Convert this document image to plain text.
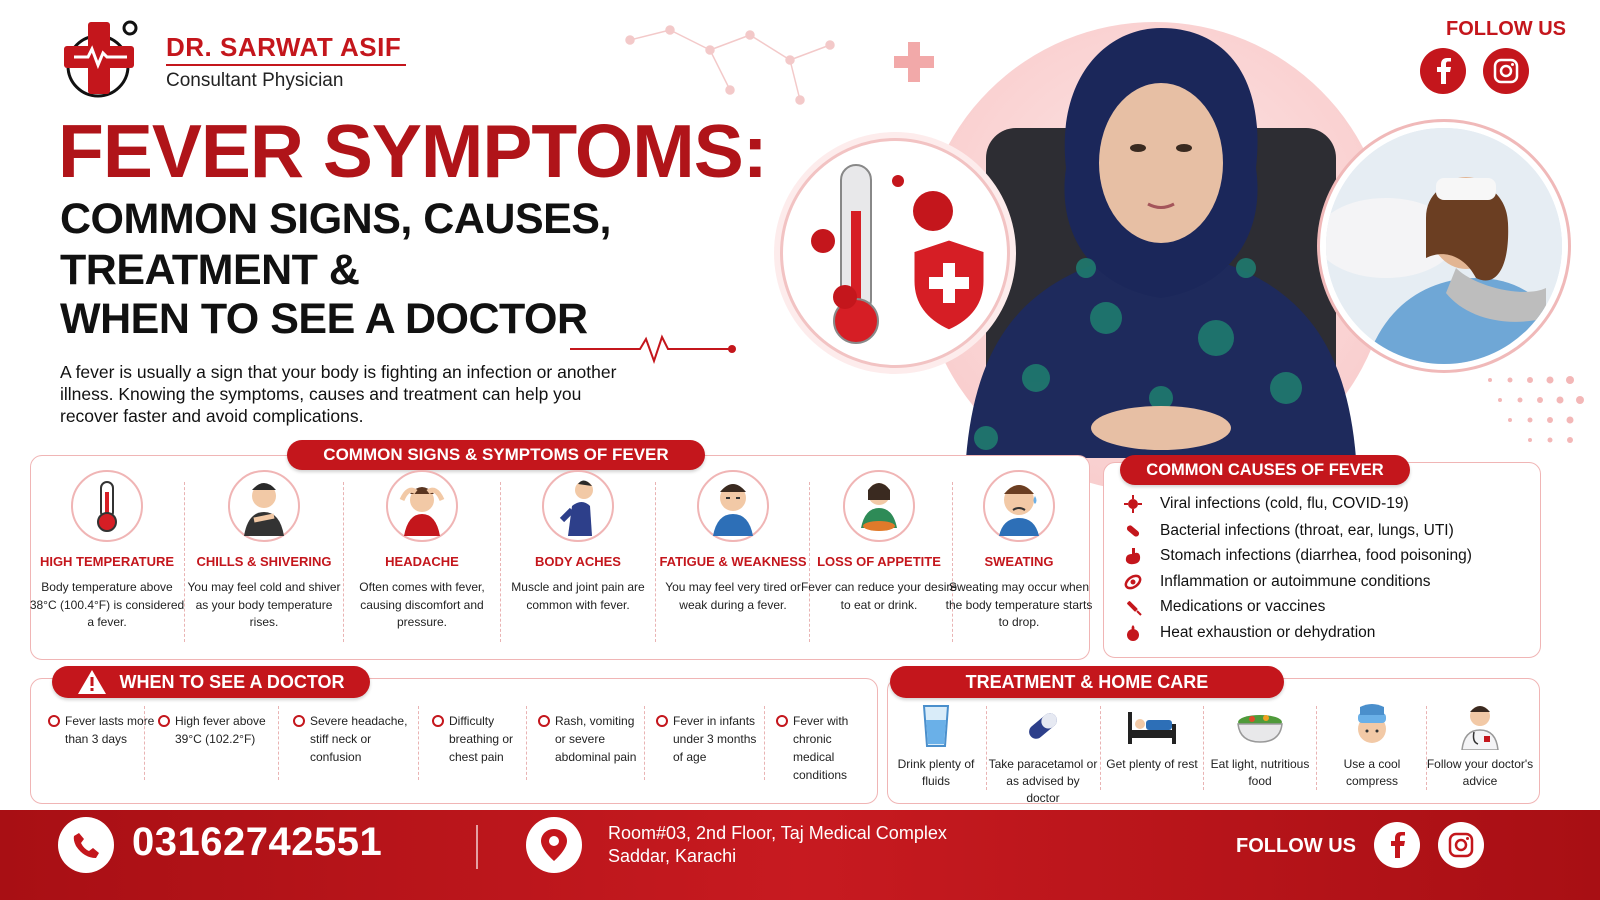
DR. SARWAT ASIF
Consultant Physician
FOLLOW US
FEVER SYMPTOMS:
COMMON SIGNS, CAUSES,
TREATMENT &
WHEN TO SEE A DOCTOR
A fever is usually a sign that your body is fighting an infection or another illness. Knowing the symptoms, causes and treatment can help you recover faster and avoid complications.
COMMON SIGNS & SYMPTOMS OF FEVER
HIGH TEMPERATURE
Body temperature above 38°C (100.4°F) is considered a fever.
CHILLS & SHIVERING
You may feel cold and shiver as your body temperature rises.
HEADACHE
Often comes with fever, causing discomfort and pressure.
BODY ACHES
Muscle and joint pain are common with fever.
FATIGUE & WEAKNESS
You may feel very tired or weak during a fever.
LOSS OF APPETITE
Fever can reduce your desire to eat or drink.
SWEATING
Sweating may occur when the body temperature starts to drop.
COMMON CAUSES OF FEVER
Viral infections (cold, flu, COVID-19)
Bacterial infections (throat, ear, lungs, UTI)
Stomach infections (diarrhea, food poisoning)
Inflammation or autoimmune conditions
Medications or vaccines
Heat exhaustion or dehydration
WHEN TO SEE A DOCTOR
Fever lasts more than 3 days
High fever above 39°C (102.2°F)
Severe headache, stiff neck or confusion
Difficulty breathing or chest pain
Rash, vomiting or severe abdominal pain
Fever in infants under 3 months of age
Fever with chronic medical conditions
TREATMENT & HOME CARE
Drink plenty of fluids
Take paracetamol or as advised by doctor
Get plenty of rest	Eat light, nutritious food
Use a cool compress
Follow your doctor's advice
03162742551	Room#03, 2nd Floor, Taj Medical Complex
Saddar, Karachi	FOLLOW US
